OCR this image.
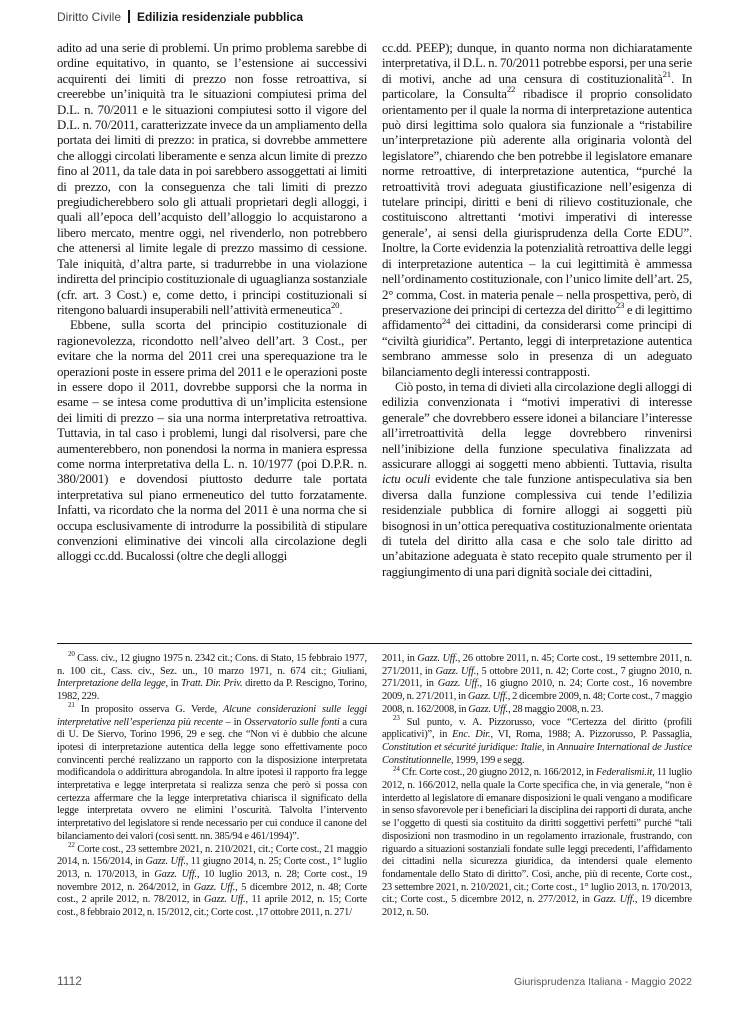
Diritto Civile Edilizia residenziale pubblica

adito ad una serie di problemi. Un primo problema sarebbe di ordine equitativo, in quanto, se l’estensione ai successivi acquirenti dei limiti di prezzo non fosse retroattiva, si creerebbe un’iniquità tra le situazioni compiutesi prima del D.L. n. 70/2011 e le situazioni compiutesi sotto il vigore del D.L. n. 70/2011, caratterizzate invece da un ampliamento della portata dei limiti di prezzo: in pratica, si dovrebbe ammettere che alloggi circolati liberamente e senza alcun limite di prezzo fino al 2011, da tale data in poi sarebbero assoggettati ai limiti di prezzo, con la conseguenza che tali limiti di prezzo pregiudicherebbero solo gli attuali proprietari degli alloggi, i quali all’epoca dell’acquisto dell’alloggio lo acquistarono a libero mercato, mentre oggi, nel rivenderlo, non potrebbero che attenersi al limite legale di prezzo massimo di cessione. Tale iniquità, d’altra parte, si tradurrebbe in una violazione indiretta del principio costituzionale di uguaglianza sostanziale (cfr. art. 3 Cost.) e, come detto, i principi costituzionali si ritengono baluardi insuperabili nell’attività ermeneutica$^{20}$.

Ebbene, sulla scorta del principio costituzionale di ragionevolezza, ricondotto nell’alveo dell’art. 3 Cost., per evitare che la norma del 2011 crei una sperequazione tra le operazioni poste in essere prima del 2011 e le operazioni poste in essere dopo il 2011, dovrebbe supporsi che la norma in esame – se intesa come produttiva di un’implicita estensione dei limiti di prezzo – sia una norma interpretativa retroattiva. Tuttavia, in tal caso i problemi, lungi dal risolversi, pare che aumenterebbero, non ponendosi la norma in maniera espressa come norma interpretativa della L. n. 10/1977 (poi D.P.R. n. 380/2001) e dovendosi piuttosto dedurre tale portata interpretativa sul piano ermeneutico del tutto forzatamente. Infatti, va ricordato che la norma del 2011 è una norma che si occupa esclusivamente di introdurre la possibilità di stipulare convenzioni eliminative dei vincoli alla circolazione degli alloggi cc.dd. Bucalossi (oltre che degli alloggi

cc.dd. PEEP); dunque, in quanto norma non dichiaratamente interpretativa, il D.L. n. 70/2011 potrebbe esporsi, per una serie di motivi, anche ad una censura di costituzionalità$^{21}$. In particolare, la Consulta$^{22}$ ribadisce il proprio consolidato orientamento per il quale la norma di interpretazione autentica può dirsi legittima solo qualora sia funzionale a “ristabilire un’interpretazione più aderente alla originaria volontà del legislatore”, chiarendo che ben potrebbe il legislatore emanare norme retroattive, di interpretazione autentica, “purché la retroattività trovi adeguata giustificazione nell’esigenza di tutelare principi, diritti e beni di rilievo costituzionale, che costituiscono altrettanti ‘motivi imperativi di interesse generale’, ai sensi della giurisprudenza della Corte EDU”. Inoltre, la Corte evidenzia la potenzialità retroattiva delle leggi di interpretazione autentica – la cui legittimità è ammessa nell’ordinamento costituzionale, con l’unico limite dell’art. 25, 2° comma, Cost. in materia penale – nella prospettiva, però, di preservazione dei principi di certezza del diritto$^{23}$ e di legittimo affidamento$^{24}$ dei cittadini, da considerarsi come principi di “civiltà giuridica”. Pertanto, leggi di interpretazione autentica sembrano ammesse solo in presenza di un adeguato bilanciamento degli interessi contrapposti.

Ciò posto, in tema di divieti alla circolazione degli alloggi di edilizia convenzionata i “motivi imperativi di interesse generale” che dovrebbero essere idonei a bilanciare l’interesse all’irretroattività della legge dovrebbero rinvenirsi nell’inibizione della funzione speculativa finalizzata ad assicurare alloggi ai soggetti meno abbienti. Tuttavia, risulta ictu oculi evidente che tale funzione antispeculativa sia ben diversa dalla funzione complessiva cui tende l’edilizia residenziale pubblica di fornire alloggi ai soggetti più bisognosi in un’ottica perequativa costituzionalmente orientata di tutela del diritto alla casa e che solo tale diritto ad un’abitazione adeguata è stato recepito quale strumento per il raggiungimento di una pari dignità sociale dei cittadini,

$^{20}$ Cass. civ., 12 giugno 1975 n. 2342 cit.; Cons. di Stato, 15 febbraio 1977, n. 100 cit., Cass. civ., Sez. un., 10 marzo 1971, n. 674 cit.; Giuliani, Interpretazione della legge, in Tratt. Dir. Priv. diretto da P. Rescigno, Torino, 1982, 229.

$^{21}$ In proposito osserva G. Verde, Alcune considerazioni sulle leggi interpretative nell’esperienza più recente – in Osservatorio sulle fonti a cura di U. De Siervo, Torino 1996, 29 e seg. che “Non vi è dubbio che alcune ipotesi di interpretazione autentica della legge sono effettivamente poco convincenti perché realizzano un rapporto con la disposizione interpretata modificandola o addirittura abrogandola. In altre ipotesi il rapporto fra legge interpretativa e legge interpretata si realizza senza che però si possa con certezza affermare che la legge interpretativa chiarisca il significato della legge interpretata ovvero ne elimini l’oscurità. Talvolta l’intervento interpretativo del legislatore si rende necessario per cui conduce il canone del bilanciamento dei valori (così sentt. nn. 385/94 e 461/1994)”.

$^{22}$ Corte cost., 23 settembre 2021, n. 210/2021, cit.; Corte cost., 21 maggio 2014, n. 156/2014, in Gazz. Uff., 11 giugno 2014, n. 25; Corte cost., 1° luglio 2013, n. 170/2013, in Gazz. Uff., 10 luglio 2013, n. 28; Corte cost., 19 novembre 2012, n. 264/2012, in Gazz. Uff., 5 dicembre 2012, n. 48; Corte cost., 2 aprile 2012, n. 78/2012, in Gazz. Uff., 11 aprile 2012, n. 15; Corte cost., 8 febbraio 2012, n. 15/2012, cit.; Corte cost. ,17 ottobre 2011, n. 271/

2011, in Gazz. Uff., 26 ottobre 2011, n. 45; Corte cost., 19 settembre 2011, n. 271/2011, in Gazz. Uff., 5 ottobre 2011, n. 42; Corte cost., 7 giugno 2010, n. 271/2011, in Gazz. Uff., 16 giugno 2010, n. 24; Corte cost., 16 novembre 2009, n. 271/2011, in Gazz. Uff., 2 dicembre 2009, n. 48; Corte cost., 7 maggio 2008, n. 162/2008, in Gazz. Uff., 28 maggio 2008, n. 23.

$^{23}$ Sul punto, v. A. Pizzorusso, voce “Certezza del diritto (profili applicativi)”, in Enc. Dir., VI, Roma, 1988; A. Pizzorusso, P. Passaglia, Constitution et sécurité juridique: Italie, in Annuaire International de Justice Constitutionnelle, 1999, 199 e segg.

$^{24}$ Cfr. Corte cost., 20 giugno 2012, n. 166/2012, in Federalismi.it, 11 luglio 2012, n. 166/2012, nella quale la Corte specifica che, in via generale, “non è interdetto al legislatore di emanare disposizioni le quali vengano a modificare in senso sfavorevole per i beneficiari la disciplina dei rapporti di durata, anche se l’oggetto di questi sia costituito da diritti soggettivi perfetti” purché “tali disposizioni non trasmodino in un regolamento irrazionale, frustrando, con riguardo a situazioni sostanziali fondate sulle leggi precedenti, l’affidamento dei cittadini nella sicurezza giuridica, da intendersi quale elemento fondamentale dello Stato di diritto”. Così, anche, più di recente, Corte cost., 23 settembre 2021, n. 210/2021, cit.; Corte cost., 1° luglio 2013, n. 170/2013, cit.; Corte cost., 5 dicembre 2012, n. 277/2012, in Gazz. Uff., 19 dicembre 2012, n. 50.

1112	Giurisprudenza Italiana - Maggio 2022
